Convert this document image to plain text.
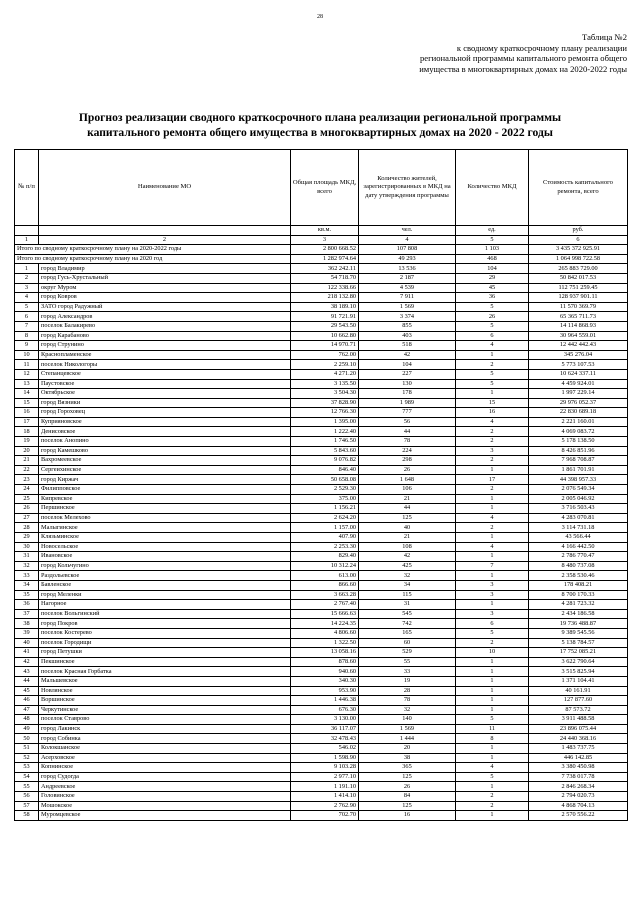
28
Таблица №2
к сводному краткосрочному плану реализации
региональной программы капитального ремонта общего
имущества в многоквартирных домах на 2020-2022 годы
Прогноз реализации сводного краткосрочного плана реализации региональной программы
капитального ремонта общего имущества в многоквартирных домах на 2020 - 2022 годы
№ п/п	Наименование МО	Общая площадь МКД, всего	Количество жителей, зарегистрированных в МКД на дату утверждения программы	Количество МКД	Стоимость капитального ремонта, всего
		кв.м.	чел.	ед.	руб.
1	2	3	4	5	6
Итого по сводному краткосрочному плану на 2020-2022 годы		2 800 668.52	107 808	1 103	3 435 372 925.91
Итого по сводному краткосрочному плану на 2020 год		1 282 974.64	49 293	468	1 064 998 722.58
1	город Владимир	362 242.11	13 536	104	265 883 729.00
2	город Гусь-Хрустальный	54 718.70	2 187	29	50 842 017.53
3	округ Муром	122 338.66	4 539	45	112 751 259.45
4	город Ковров	218 132.80	7 911	36	128 937 901.11
5	ЗАТО город Радужный	38 189.10	1 569	5	11 570 369.79
6	город Александров	91 721.91	3 374	26	65 365 711.73
7	поселок Балакирево	29 543.50	855	5	14 114 868.93
8	город Карабаново	10 662.80	403	6	30 964 559.01
9	город Струнино	14 970.71	518	4	12 442 442.43
10	Краснопламенское	762.00	42	1	345 276.04
11	поселок Никологоры	2 259.10	104	2	5 773 107.53
12	Степанцевское	4 271.20	227	5	10 624 337.11
13	Паустовское	3 135.50	130	5	4 459 924.01
14	Октябрьское	3 504.30	178	1	1 997 229.14
15	город Вязники	37 828.90	1 989	15	29 976 052.37
16	город Гороховец	12 766.30	777	16	22 830 689.18
17	Куприяновское	1 395.00	56	4	2 221 160.01
18	Денисовское	1 222.40	44	2	4 069 083.72
19	поселок Анопино	1 746.50	78	2	5 178 138.50
20	город Камешково	5 843.60	224	3	8 426 851.96
21	Вахромеевское	9 076.82	298	2	7 968 708.87
22	Сергеихинское	846.40	26	1	1 861 701.91
23	город Киржач	50 658.08	1 648	17	44 398 957.33
24	Филипповское	2 529.30	106	2	2 076 549.34
25	Кипревское	375.00	21	1	2 005 046.92
26	Першинское	1 156.21	44	1	3 716 503.43
27	поселок Мелехово	2 624.20	125	4	4 283 070.81
28	Малыгинское	1 157.00	40	2	3 114 731.18
29	Клязьминское	407.90	21	1	43 566.44
30	Новосельское	2 253.30	108	4	4 166 442.50
31	Ивановское	829.40	42	1	2 786 770.47
32	город Кольчугино	10 312.24	425	7	8 480 737.08
33	Раздольевское	613.00	32	1	2 358 530.46
34	Бавленское	866.60	34	3	178 408.21
35	город Меленки	3 663.28	115	3	8 700 170.33
36	Нагорное	2 767.40	31	1	4 281 723.32
37	поселок Вольгинский	15 666.63	545	3	2 434 186.58
38	город Покров	14 224.35	742	6	19 736 488.87
39	поселок Костерево	4 806.60	165	5	9 389 545.56
40	поселок Городищи	1 322.50	60	2	5 138 784.57
41	город Петушки	13 058.16	529	10	17 752 085.21
42	Пекшинское	878.60	55	1	3 622 790.64
43	поселок Красная Горбатка	940.60	33	1	3 515 825.94
44	Мальшевское	340.30	19	1	1 371 104.41
45	Новлянское	953.90	28	1	40 161.91
46	Воршинское	1 446.38	78	1	127 877.60
47	Черкутинское	676.30	32	1	87 573.72
48	поселок Ставрово	3 130.00	140	5	3 911 488.58
49	город Лакинск	36 117.07	1 569	11	23 896 075.44
50	город Собинка	32 478.43	1 444	8	24 440 368.16
51	Колокшанское	546.02	20	1	1 483 737.75
52	Асерховское	1 598.90	38	1	446 142.85
53	Копнинское	9 103.28	365	4	3 380 450.98
54	город Судогда	2 977.10	125	5	7 738 017.78
55	Андреевское	1 191.10	26	1	2 846 268.34
56	Головинское	1 414.10	84	2	2 794 020.73
57	Мошокское	2 762.90	125	2	4 868 704.13
58	Муромцевское	702.70	16	1	2 570 556.22
